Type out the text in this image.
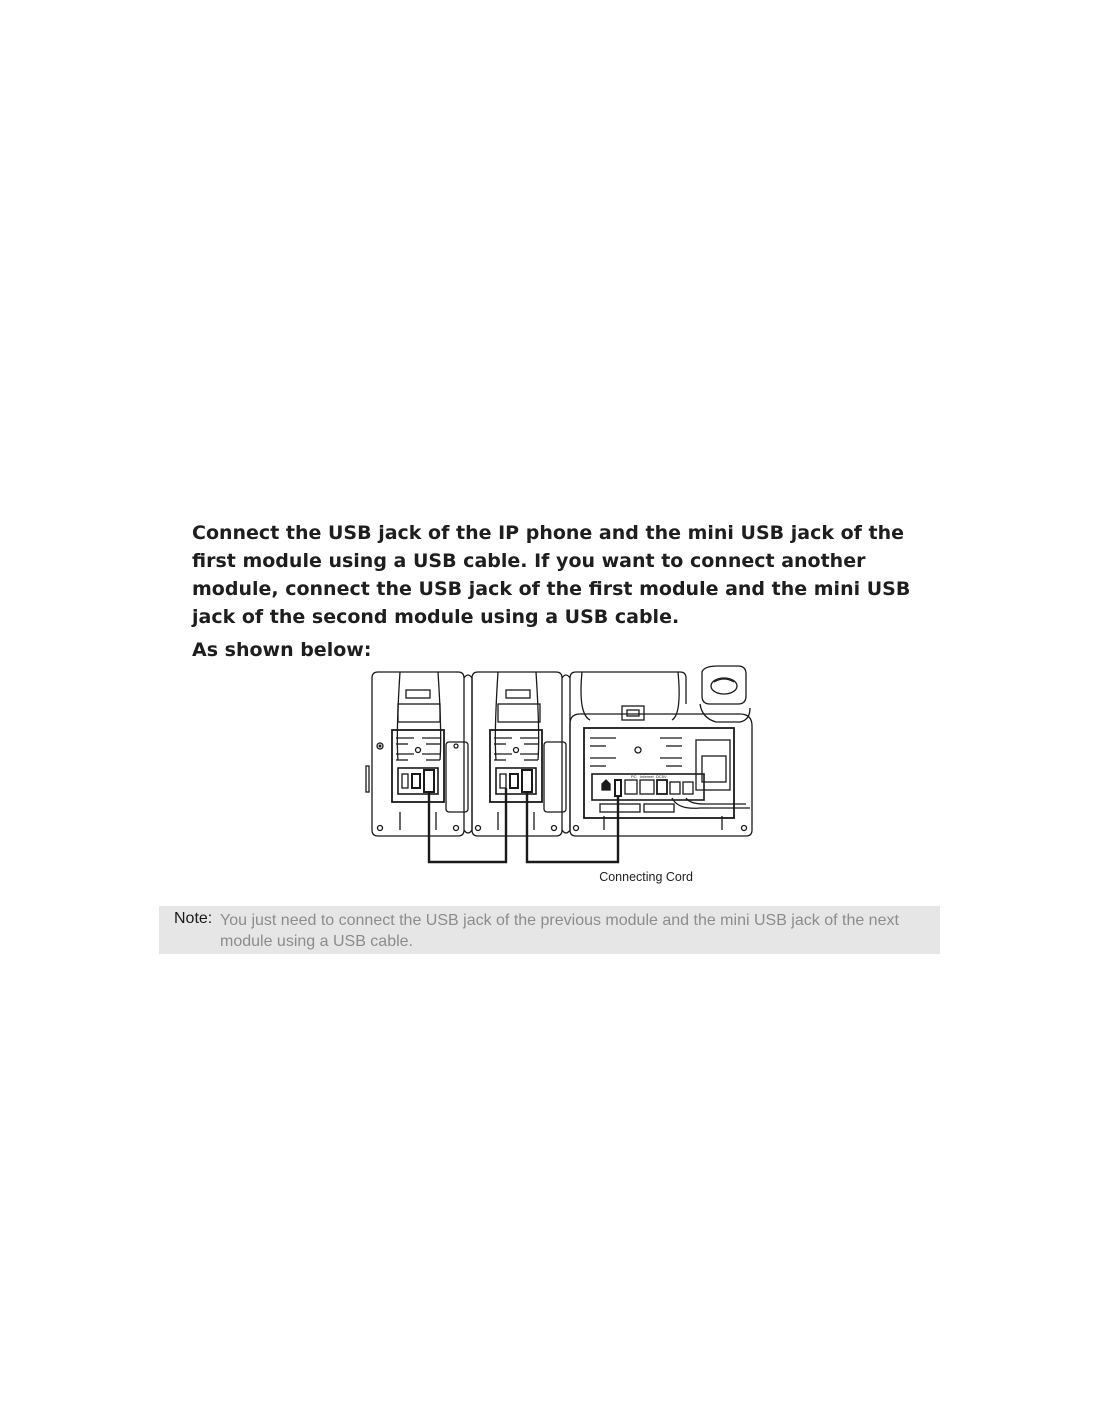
Connect the USB jack of the IP phone and the mini USB jack of the first module using a USB cable. If you want to connect another module, connect the USB jack of the first module and the mini USB jack of the second module using a USB cable.

As shown below:

PC Internet DC5V
Connecting Cord
Note: You just need to connect the USB jack of the previous module and the mini USB jack of the next module using a USB cable.
